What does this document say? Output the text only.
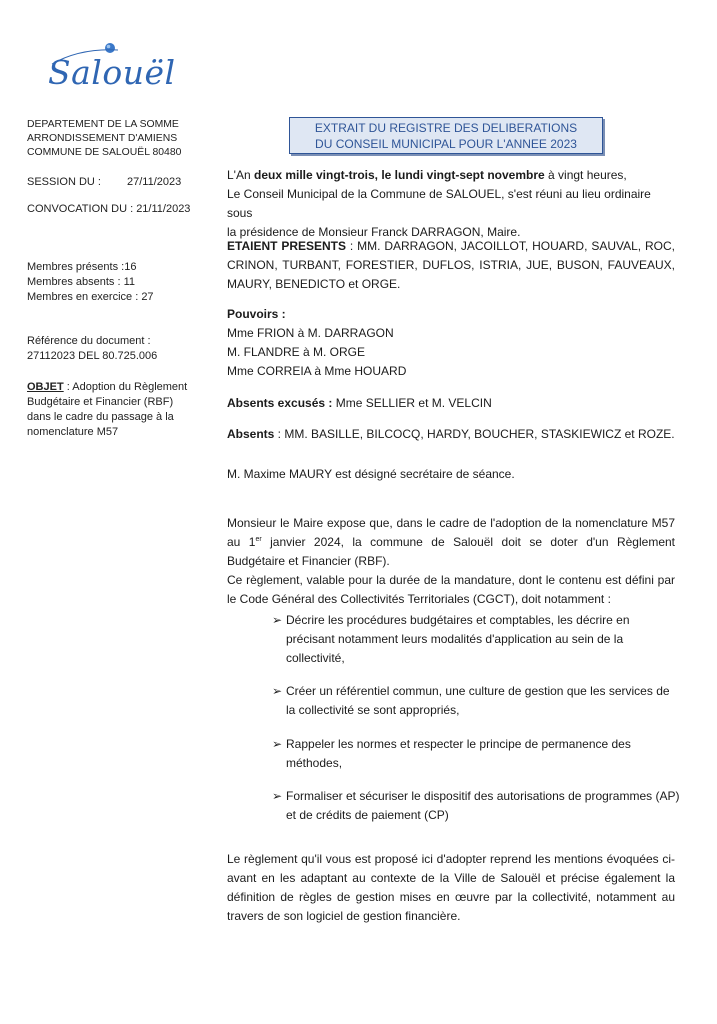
Salouël
DEPARTEMENT DE LA SOMME
ARRONDISSEMENT D'AMIENS
COMMUNE DE SALOUËL 80480
SESSION DU : 27/11/2023
CONVOCATION DU : 21/11/2023
Membres présents :16
Membres absents : 11
Membres en exercice : 27
Référence du document :
27112023 DEL 80.725.006
OBJET : Adoption du Règlement Budgétaire et Financier (RBF) dans le cadre du passage à la nomenclature M57
EXTRAIT DU REGISTRE DES DELIBERATIONS
DU CONSEIL MUNICIPAL POUR L'ANNEE 2023
L'An deux mille vingt-trois, le lundi vingt-sept novembre à vingt heures,
Le Conseil Municipal de la Commune de SALOUEL, s'est réuni au lieu ordinaire sous
la présidence de Monsieur Franck DARRAGON, Maire.
ETAIENT PRESENTS : MM. DARRAGON, JACOILLOT, HOUARD, SAUVAL, ROC, CRINON, TURBANT, FORESTIER, DUFLOS, ISTRIA, JUE, BUSON, FAUVEAUX, MAURY, BENEDICTO et ORGE.
Pouvoirs :
Mme FRION à M. DARRAGON
M. FLANDRE à M. ORGE
Mme CORREIA à Mme HOUARD
Absents excusés : Mme SELLIER et M. VELCIN
Absents : MM. BASILLE, BILCOCQ, HARDY, BOUCHER, STASKIEWICZ et ROZE.
M. Maxime MAURY est désigné secrétaire de séance.
Monsieur le Maire expose que, dans le cadre de l'adoption de la nomenclature M57 au 1er janvier 2024, la commune de Salouël doit se doter d'un Règlement Budgétaire et Financier (RBF).
Ce règlement, valable pour la durée de la mandature, dont le contenu est défini par le Code Général des Collectivités Territoriales (CGCT), doit notamment :
➢ Décrire les procédures budgétaires et comptables, les décrire en précisant notamment leurs modalités d'application au sein de la collectivité,
➢ Créer un référentiel commun, une culture de gestion que les services de la collectivité se sont appropriés,
➢ Rappeler les normes et respecter le principe de permanence des méthodes,
➢ Formaliser et sécuriser le dispositif des autorisations de programmes (AP) et de crédits de paiement (CP)
Le règlement qu'il vous est proposé ici d'adopter reprend les mentions évoquées ci-avant en les adaptant au contexte de la Ville de Salouël et précise également la définition de règles de gestion mises en œuvre par la collectivité, notamment au travers de son logiciel de gestion financière.
